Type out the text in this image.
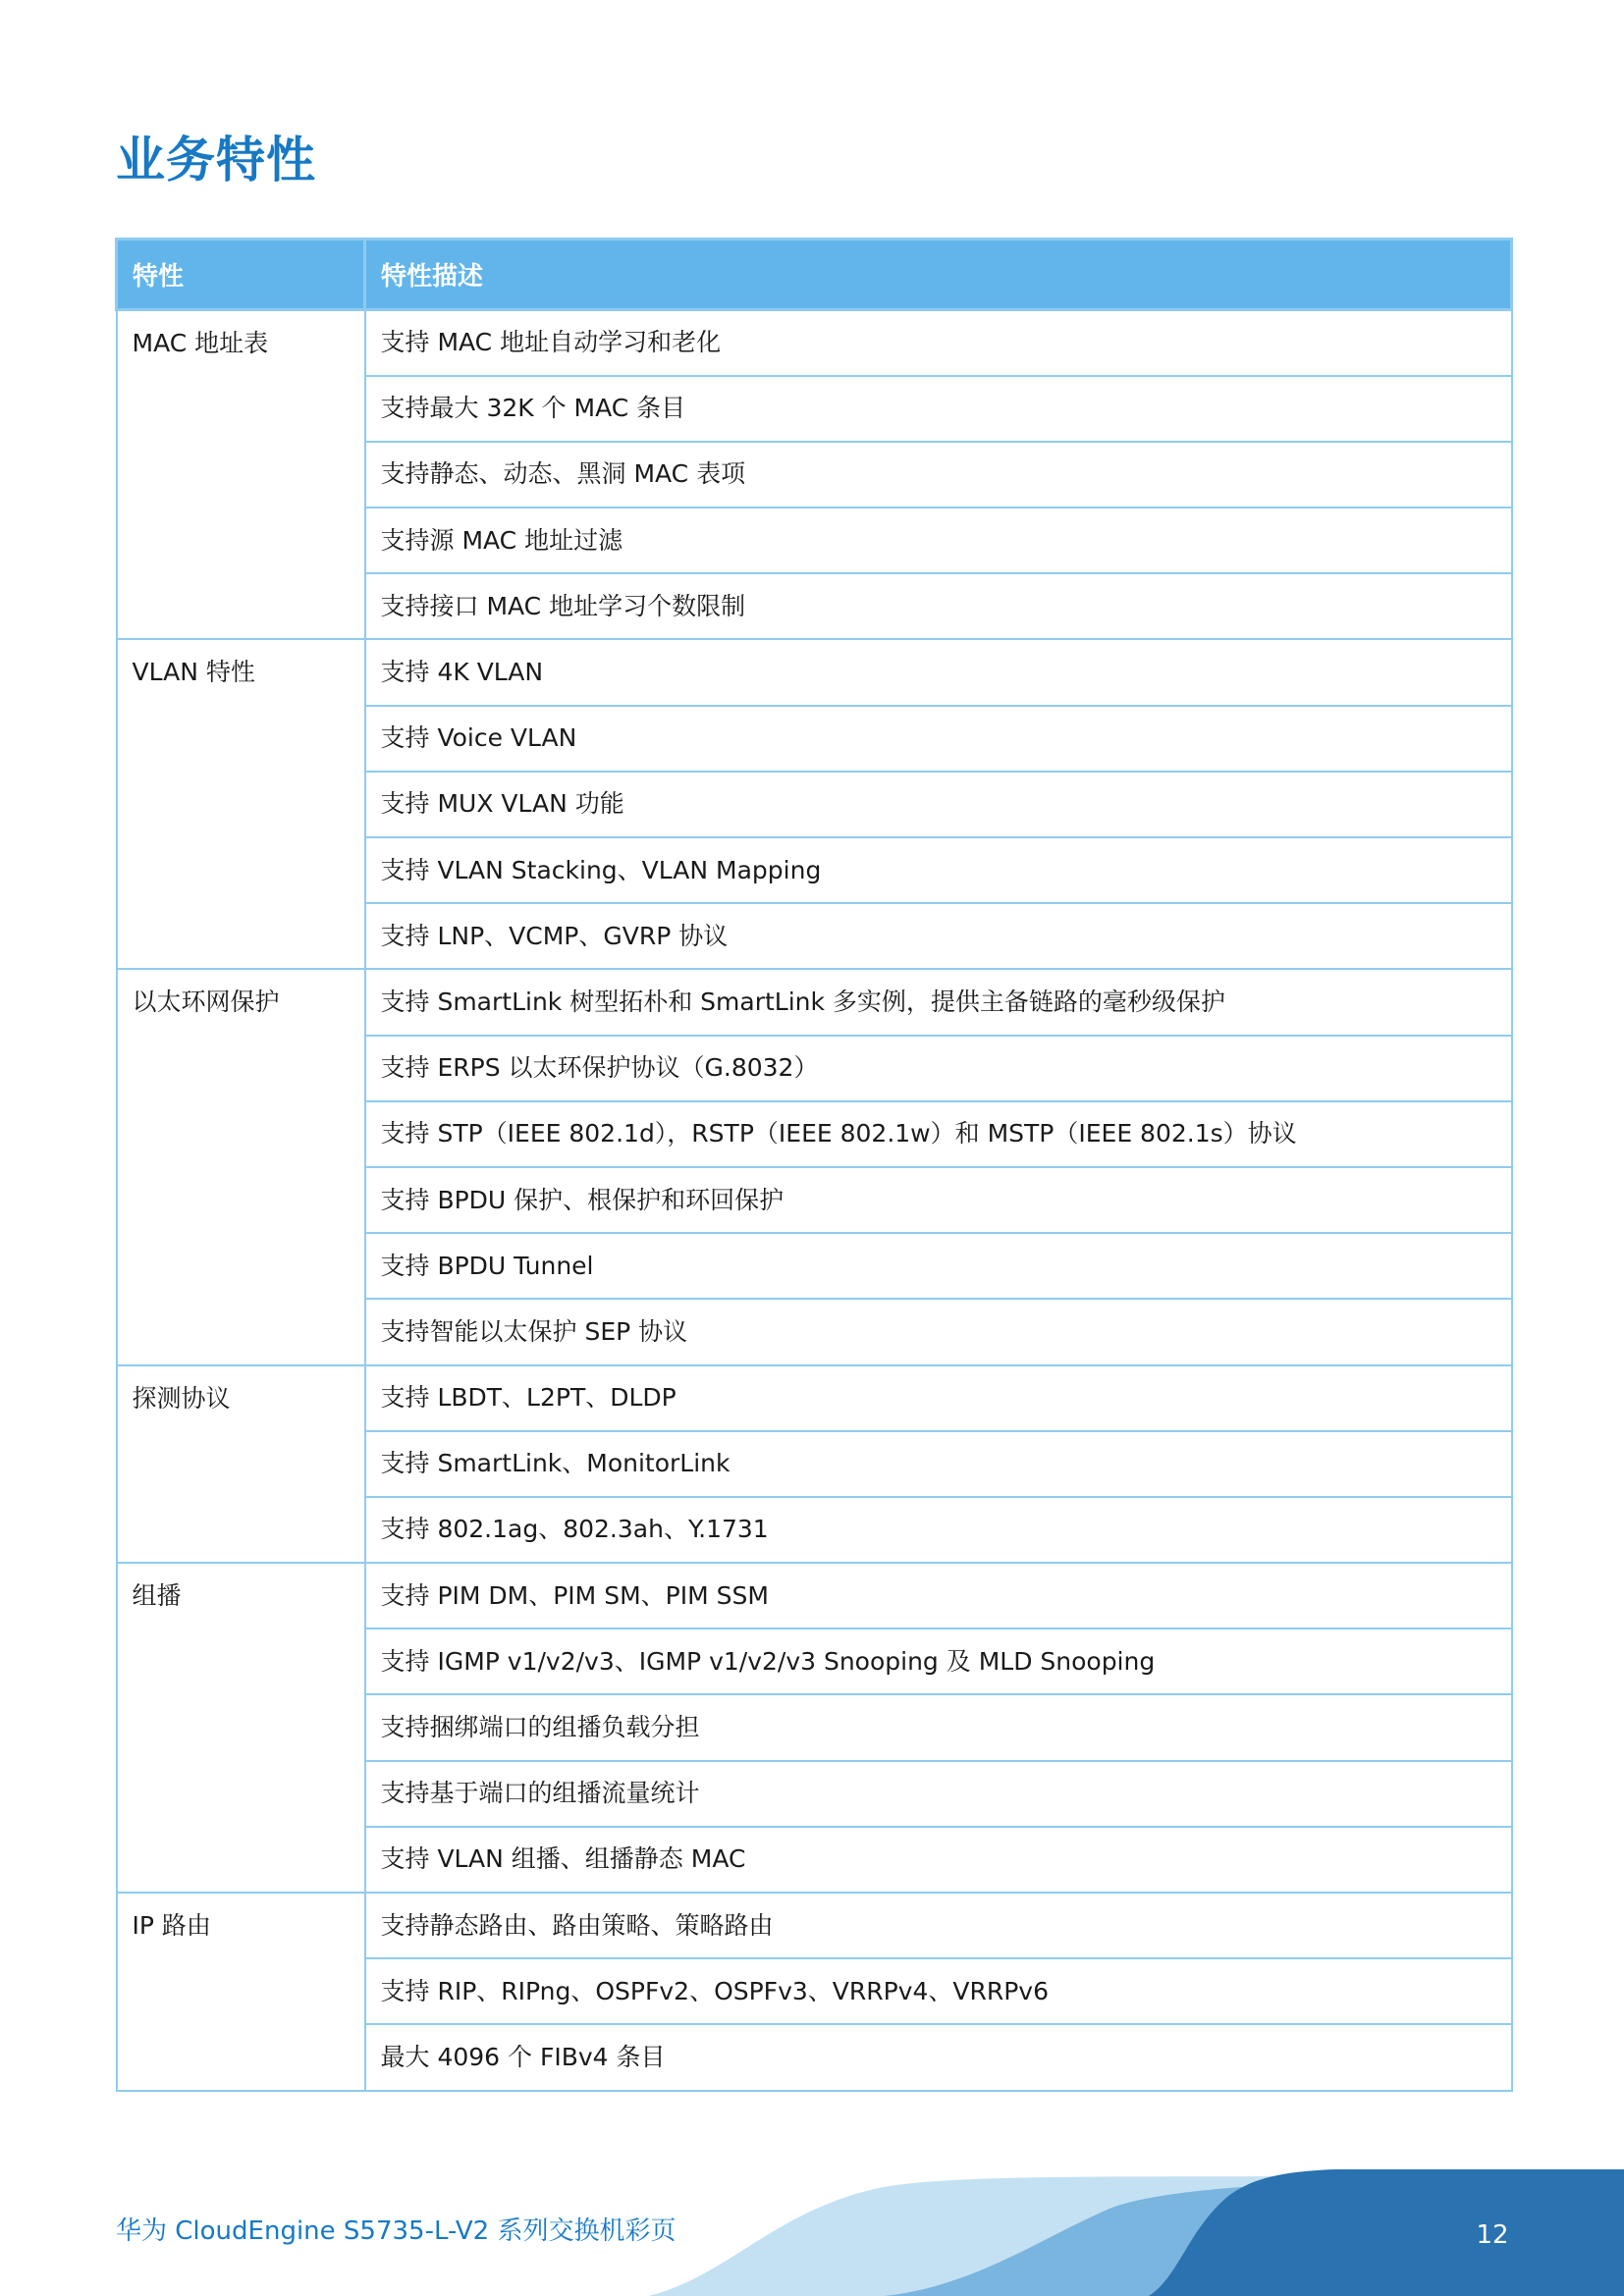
业务特性
特性	特性描述
MAC 地址表	支持 MAC 地址自动学习和老化
	支持最大 32K 个 MAC 条目
	支持静态、动态、黑洞 MAC 表项
	支持源 MAC 地址过滤
	支持接口 MAC 地址学习个数限制
VLAN 特性	支持 4K VLAN
	支持 Voice VLAN
	支持 MUX VLAN 功能
	支持 VLAN Stacking、VLAN Mapping
	支持 LNP、VCMP、GVRP 协议
以太环网保护	支持 SmartLink 树型拓朴和 SmartLink 多实例，提供主备链路的毫秒级保护
	支持 ERPS 以太环保护协议（G.8032）
	支持 STP（IEEE 802.1d），RSTP（IEEE 802.1w）和 MSTP（IEEE 802.1s）协议
	支持 BPDU 保护、根保护和环回保护
	支持 BPDU Tunnel
	支持智能以太保护 SEP 协议
探测协议	支持 LBDT、L2PT、DLDP
	支持 SmartLink、MonitorLink
	支持 802.1ag、802.3ah、Y.1731
组播	支持 PIM DM、PIM SM、PIM SSM
	支持 IGMP v1/v2/v3、IGMP v1/v2/v3 Snooping 及 MLD Snooping
	支持捆绑端口的组播负载分担
	支持基于端口的组播流量统计
	支持 VLAN 组播、组播静态 MAC
IP 路由	支持静态路由、路由策略、策略路由
	支持 RIP、RIPng、OSPFv2、OSPFv3、VRRPv4、VRRPv6
	最大 4096 个 FIBv4 条目
华为 CloudEngine S5735-L-V2 系列交换机彩页	12
